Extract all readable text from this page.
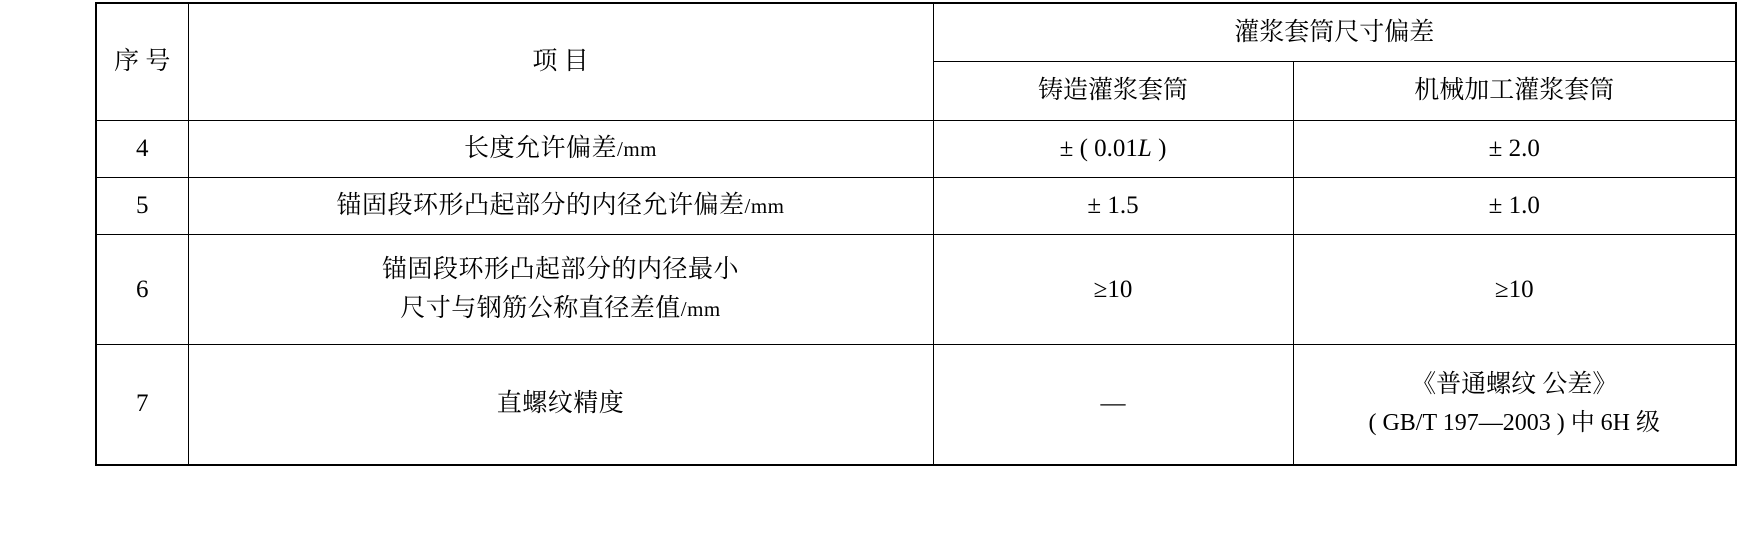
序 号	项 目	灌浆套筒尺寸偏差	
		铸造灌浆套筒	机械加工灌浆套筒
4	长度允许偏差/mm	± ( 0.01L )	± 2.0
5	锚固段环形凸起部分的内径允许偏差/mm	± 1.5	± 1.0
6	锚固段环形凸起部分的内径最小
尺寸与钢筋公称直径差值/mm	≥10	≥10
7	直螺纹精度	—	《普通螺纹 公差》
( GB/T 197—2003 ) 中 6H 级
